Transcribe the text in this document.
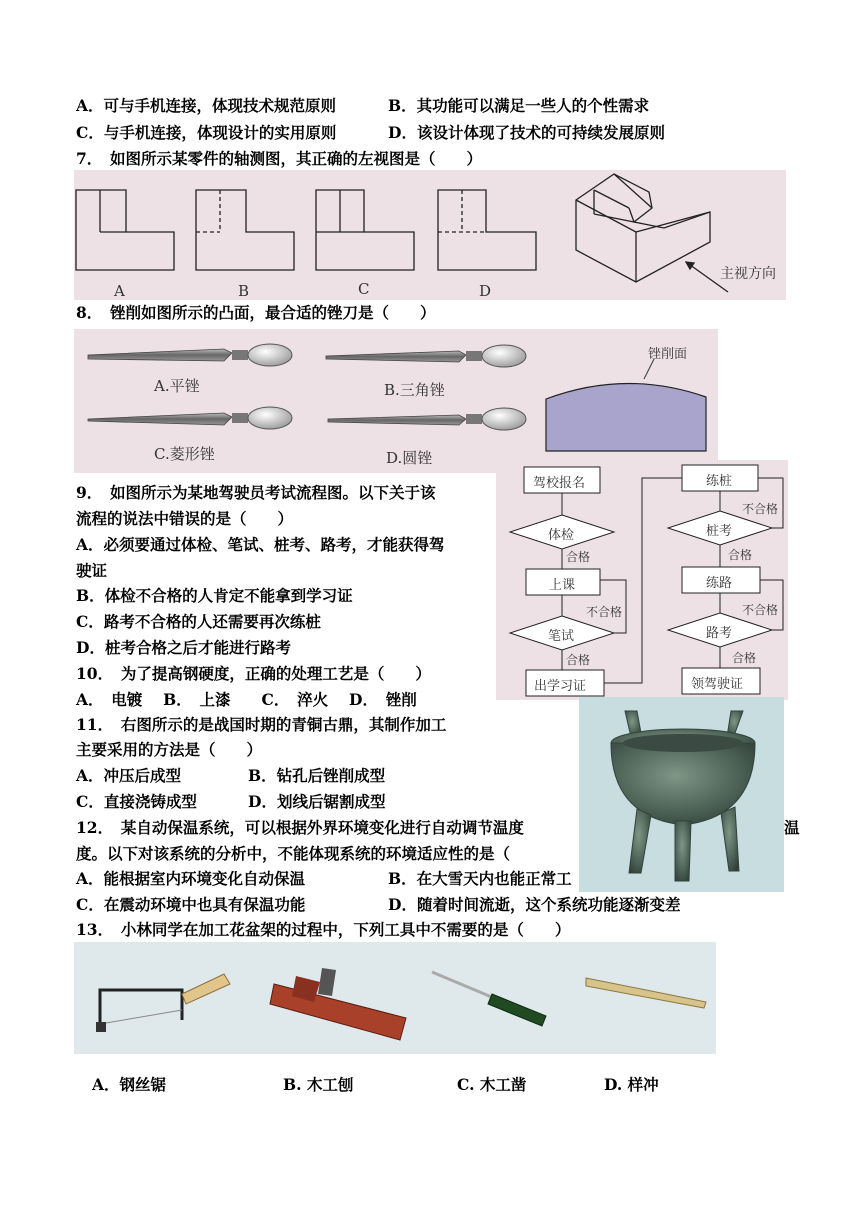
A．可与手机连接，体现技术规范原则	B．其功能可以满足一些人的个性需求
C．与手机连接，体现设计的实用原则	D．该设计体现了技术的可持续发展原则
7．　如图所示某零件的轴测图，其正确的左视图是（　　）
A	B	C	D
主视方向
8．　锉削如图所示的凸面，最合适的锉刀是（　　）
A.平锉	B.三角锉
C.菱形锉	D.圆锉
锉削面
驾校报名
体检
合格
上课
不合格
笔试
合格
出学习证
练桩
不合格
桩考
合格
练路
不合格
路考
合格
领驾驶证
9．　如图所示为某地驾驶员考试流程图。以下关于该
流程的说法中错误的是（　　）
A．必须要通过体检、笔试、桩考、路考，才能获得驾
驶证
B．体检不合格的人肯定不能拿到学习证
C．路考不合格的人还需要再次练桩
D．桩考合格之后才能进行路考
10．　为了提高钢硬度，正确的处理工艺是（　　）
A．　电镀　 B．　上漆　　C．　淬火　 D．　锉削
11．　右图所示的是战国时期的青铜古鼎，其制作加工
主要采用的方法是（　　）
A．冲压后成型	B．钻孔后锉削成型
C．直接浇铸成型	D．划线后锯割成型
12．　某自动保温系统，可以根据外界环境变化进行自动调节温度	温
度。以下对该系统的分析中，不能体现系统的环境适应性的是（
A．能根据室内环境变化自动保温	B．在大雪天内也能正常工
C．在震动环境中也具有保温功能	D．随着时间流逝，这个系统功能逐渐变差
13．　小林同学在加工花盆架的过程中，下列工具中不需要的是（　　）
A．钢丝锯	B. 木工刨	C. 木工凿	D. 样冲
